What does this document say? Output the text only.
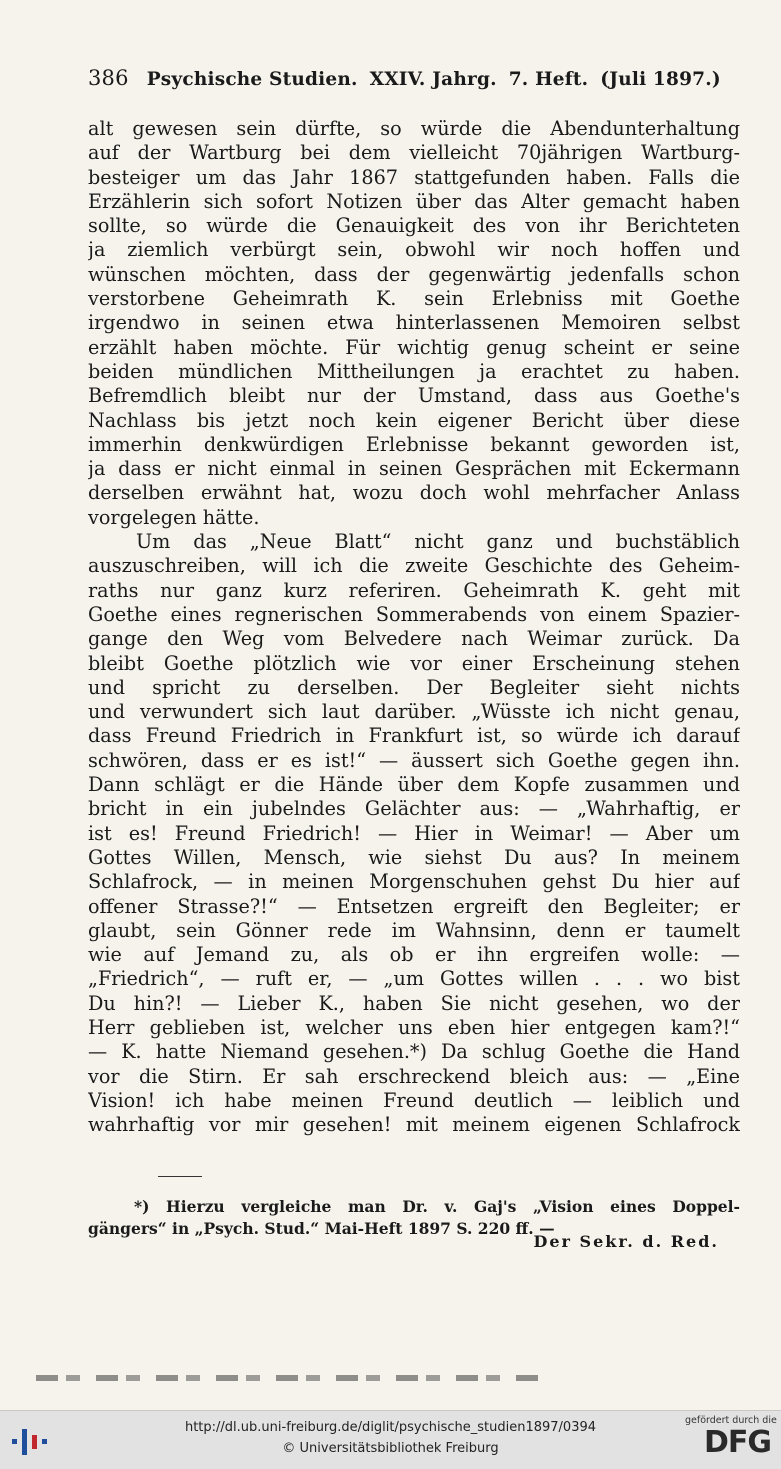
386 Psychische Studien. XXIV. Jahrg. 7. Heft. (Juli 1897.)
alt gewesen sein dürfte, so würde die Abendunterhaltung
auf der Wartburg bei dem vielleicht 70jährigen Wartburg-
besteiger um das Jahr 1867 stattgefunden haben. Falls die
Erzählerin sich sofort Notizen über das Alter gemacht haben
sollte, so würde die Genauigkeit des von ihr Berichteten
ja ziemlich verbürgt sein, obwohl wir noch hoffen und
wünschen möchten, dass der gegenwärtig jedenfalls schon
verstorbene Geheimrath K. sein Erlebniss mit Goethe
irgendwo in seinen etwa hinterlassenen Memoiren selbst
erzählt haben möchte. Für wichtig genug scheint er seine
beiden mündlichen Mittheilungen ja erachtet zu haben.
Befremdlich bleibt nur der Umstand, dass aus Goethe's
Nachlass bis jetzt noch kein eigener Bericht über diese
immerhin denkwürdigen Erlebnisse bekannt geworden ist,
ja dass er nicht einmal in seinen Gesprächen mit Eckermann
derselben erwähnt hat, wozu doch wohl mehrfacher Anlass
vorgelegen hätte.
Um das „Neue Blatt“ nicht ganz und buchstäblich
auszuschreiben, will ich die zweite Geschichte des Geheim-
raths nur ganz kurz referiren. Geheimrath K. geht mit
Goethe eines regnerischen Sommerabends von einem Spazier-
gange den Weg vom Belvedere nach Weimar zurück. Da
bleibt Goethe plötzlich wie vor einer Erscheinung stehen
und spricht zu derselben. Der Begleiter sieht nichts
und verwundert sich laut darüber. „Wüsste ich nicht genau,
dass Freund Friedrich in Frankfurt ist, so würde ich darauf
schwören, dass er es ist!“ — äussert sich Goethe gegen ihn.
Dann schlägt er die Hände über dem Kopfe zusammen und
bricht in ein jubelndes Gelächter aus: — „Wahrhaftig, er
ist es! Freund Friedrich! — Hier in Weimar! — Aber um
Gottes Willen, Mensch, wie siehst Du aus? In meinem
Schlafrock, — in meinen Morgenschuhen gehst Du hier auf
offener Strasse?!“ — Entsetzen ergreift den Begleiter; er
glaubt, sein Gönner rede im Wahnsinn, denn er taumelt
wie auf Jemand zu, als ob er ihn ergreifen wolle: —
„Friedrich“, — ruft er, — „um Gottes willen . . . wo bist
Du hin?! — Lieber K., haben Sie nicht gesehen, wo der
Herr geblieben ist, welcher uns eben hier entgegen kam?!“
— K. hatte Niemand gesehen.*) Da schlug Goethe die Hand
vor die Stirn. Er sah erschreckend bleich aus: — „Eine
Vision! ich habe meinen Freund deutlich — leiblich und
wahrhaftig vor mir gesehen! mit meinem eigenen Schlafrock
*) Hierzu vergleiche man Dr. v. Gaj's „Vision eines Doppel-
gängers“ in „Psych. Stud.“ Mai-Heft 1897 S. 220 ff. —
Der Sekr. d. Red.
http://dl.ub.uni-freiburg.de/diglit/psychische_studien1897/0394
© Universitätsbibliothek Freiburg
gefördert durch die
DFG
